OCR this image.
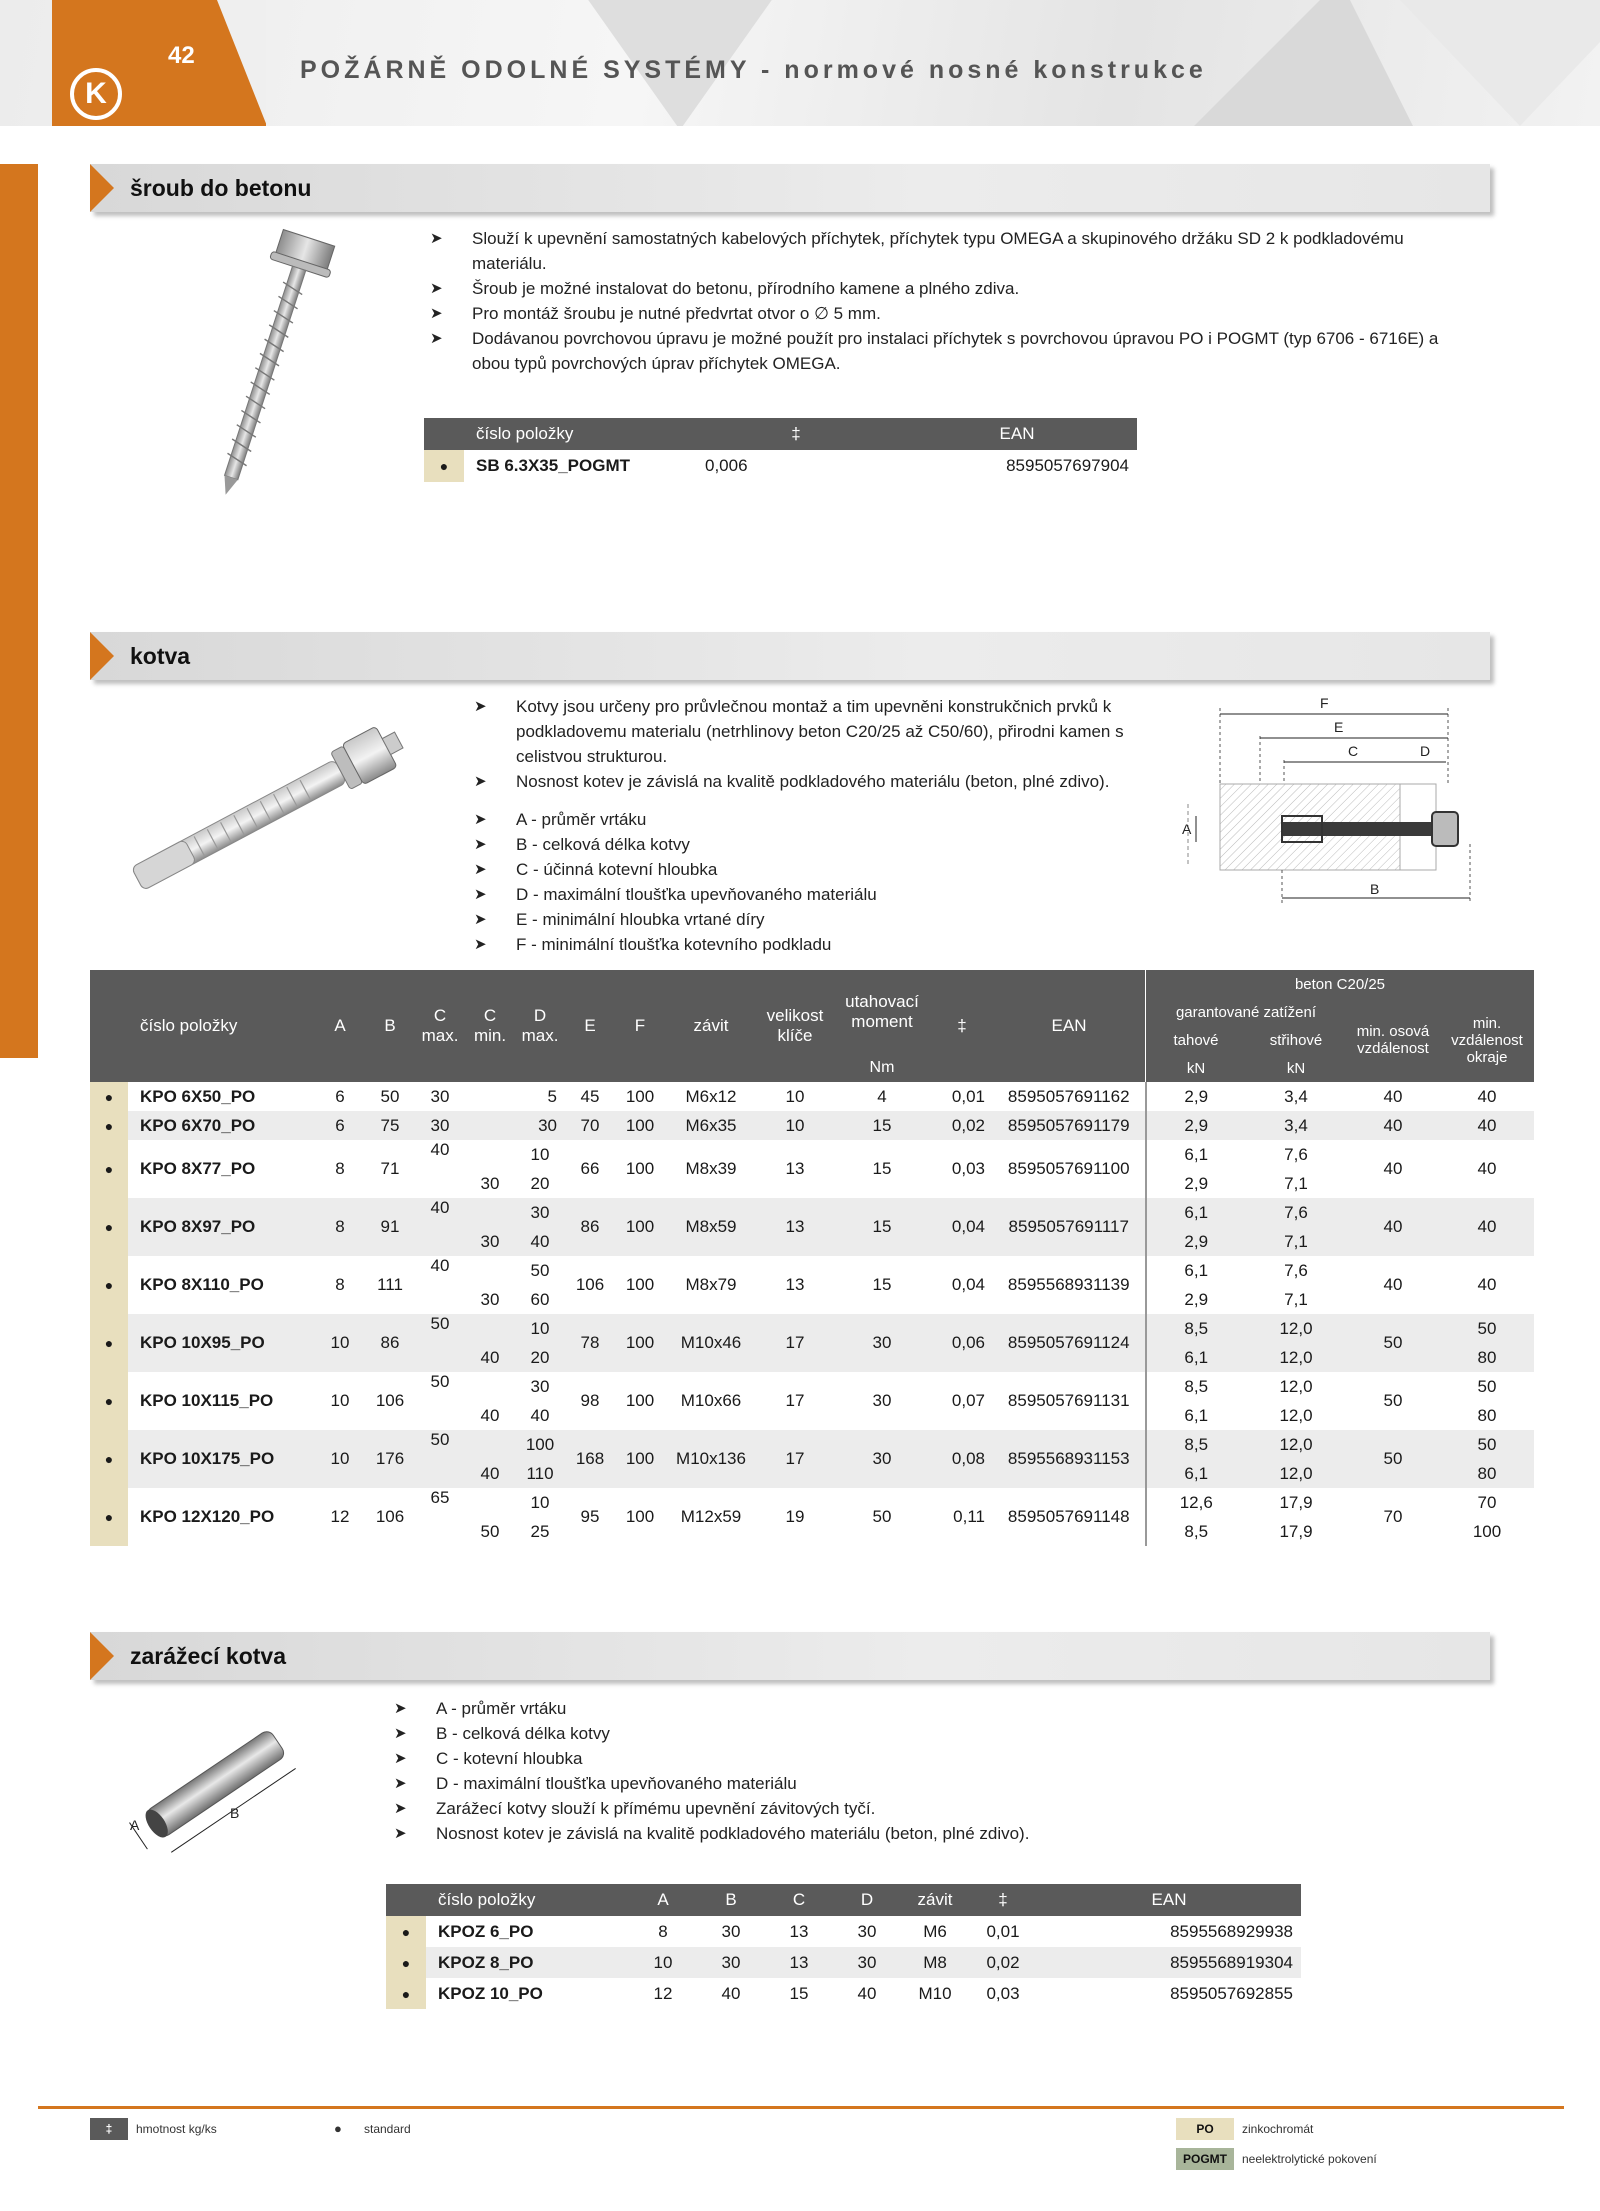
42
K
POŽÁRNĚ ODOLNÉ SYSTÉMY - normové nosné konstrukce
šroub do betonu
➤ Slouží k upevnění samostatných kabelových příchytek, příchytek typu OMEGA a skupinového držáku SD 2 k podkladovému materiálu.
➤ Šroub je možné instalovat do betonu, přírodního kamene a plného zdiva.
➤ Pro montáž šroubu je nutné předvrtat otvor o ∅ 5 mm.
➤ Dodávanou povrchovou úpravu je možné použít pro instalaci příchytek s povrchovou úpravou PO i POGMT (typ 6706 - 6716E) a obou typů povrchových úprav příchytek OMEGA.
	číslo položky	‡	EAN
●	SB 6.3X35_POGMT	0,006	8595057697904
kotva
➤ Kotvy jsou určeny pro průvlečnou montaž a tim upevněni konstrukčnich prvků k podkladovemu materialu (netrhlinovy beton C20/25 až C50/60), přirodni kamen s celistvou strukturou.
➤ Nosnost kotev je závislá na kvalitě podkladového materiálu (beton, plné zdivo).
➤ A - průměr vrtáku
➤ B - celková délka kotvy
➤ C - účinná kotevní hloubka
➤ D - maximální tloušťka upevňovaného materiálu
➤ E - minimální hloubka vrtané díry
➤ F - minimální tloušťka kotevního podkladu
F
E
C	D
A
B
	číslo položky	A	B	C max.	C min.	D max.	E	F	závit	velikost klíče	utahovací moment	‡	EAN	beton C20/25			
														garantované zatížení		min. osová vzdálenost	min. vzdálenost okraje
														tahové	střihové		
											Nm			kN	kN		
●	KPO 6X50_PO	6	50	30		5	45	100	M6x12	10	4	0,01	8595057691162	2,9	3,4	40	40
●	KPO 6X70_PO	6	75	30		30	70	100	M6x35	10	15	0,02	8595057691179	2,9	3,4	40	40
●	KPO 8X77_PO	8	71	40		10	66	100	M8x39	13	15	0,03	8595057691100	6,1	7,6	40	40
					30	20								2,9	7,1		
●	KPO 8X97_PO	8	91	40		30	86	100	M8x59	13	15	0,04	8595057691117	6,1	7,6	40	40
					30	40								2,9	7,1		
●	KPO 8X110_PO	8	111	40		50	106	100	M8x79	13	15	0,04	8595568931139	6,1	7,6	40	40
					30	60								2,9	7,1		
●	KPO 10X95_PO	10	86	50		10	78	100	M10x46	17	30	0,06	8595057691124	8,5	12,0	50	50
					40	20								6,1	12,0		80
●	KPO 10X115_PO	10	106	50		30	98	100	M10x66	17	30	0,07	8595057691131	8,5	12,0	50	50
					40	40								6,1	12,0		80
●	KPO 10X175_PO	10	176	50		100	168	100	M10x136	17	30	0,08	8595568931153	8,5	12,0	50	50
					40	110								6,1	12,0		80
●	KPO 12X120_PO	12	106	65		10	95	100	M12x59	19	50	0,11	8595057691148	12,6	17,9	70	70
					50	25								8,5	17,9		100
zarážecí kotva
B
A
➤ A - průměr vrtáku
➤ B - celková délka kotvy
➤ C - kotevní hloubka
➤ D - maximální tloušťka upevňovaného materiálu
➤ Zarážecí kotvy slouží k přímému upevnění závitových tyčí.
➤ Nosnost kotev je závislá na kvalitě podkladového materiálu (beton, plné zdivo).
	číslo položky	A	B	C	D	závit	‡	EAN
●	KPOZ 6_PO	8	30	13	30	M6	0,01	8595568929938
●	KPOZ 8_PO	10	30	13	30	M8	0,02	8595568919304
●	KPOZ 10_PO	12	40	15	40	M10	0,03	8595057692855
‡	hmotnost kg/ks	● standard	PO	zinkochromát
POGMT	neelektrolytické pokovení
